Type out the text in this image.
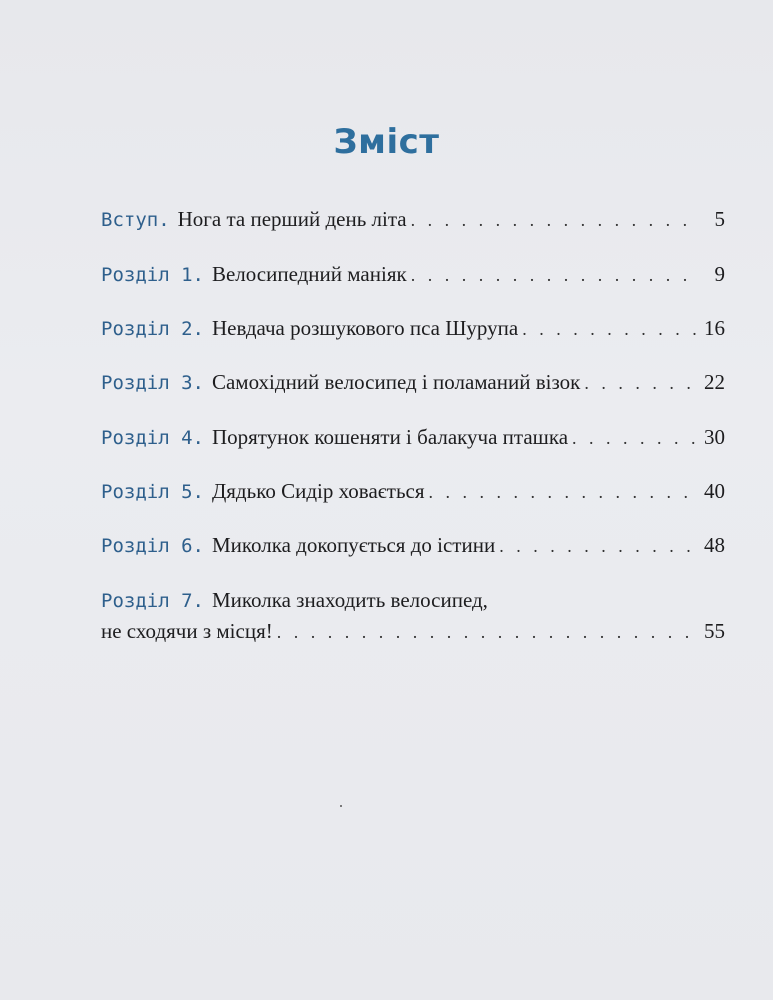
Зміст
Вступ. Нога та перший день літа . . .	5
Розділ 1. Велосипедний маніяк . . .	9
Розділ 2. Невдача розшукового пса Шурупа . . .	16
Розділ 3. Самохідний велосипед і поламаний візок . . .	22
Розділ 4. Порятунок кошеняти і балакуча пташка . . .	30
Розділ 5. Дядько Сидір ховається . . .	40
Розділ 6. Миколка докопується до істини . . .	48
Розділ 7. Миколка знаходить велосипед,
не сходячи з місця! . . .	55
